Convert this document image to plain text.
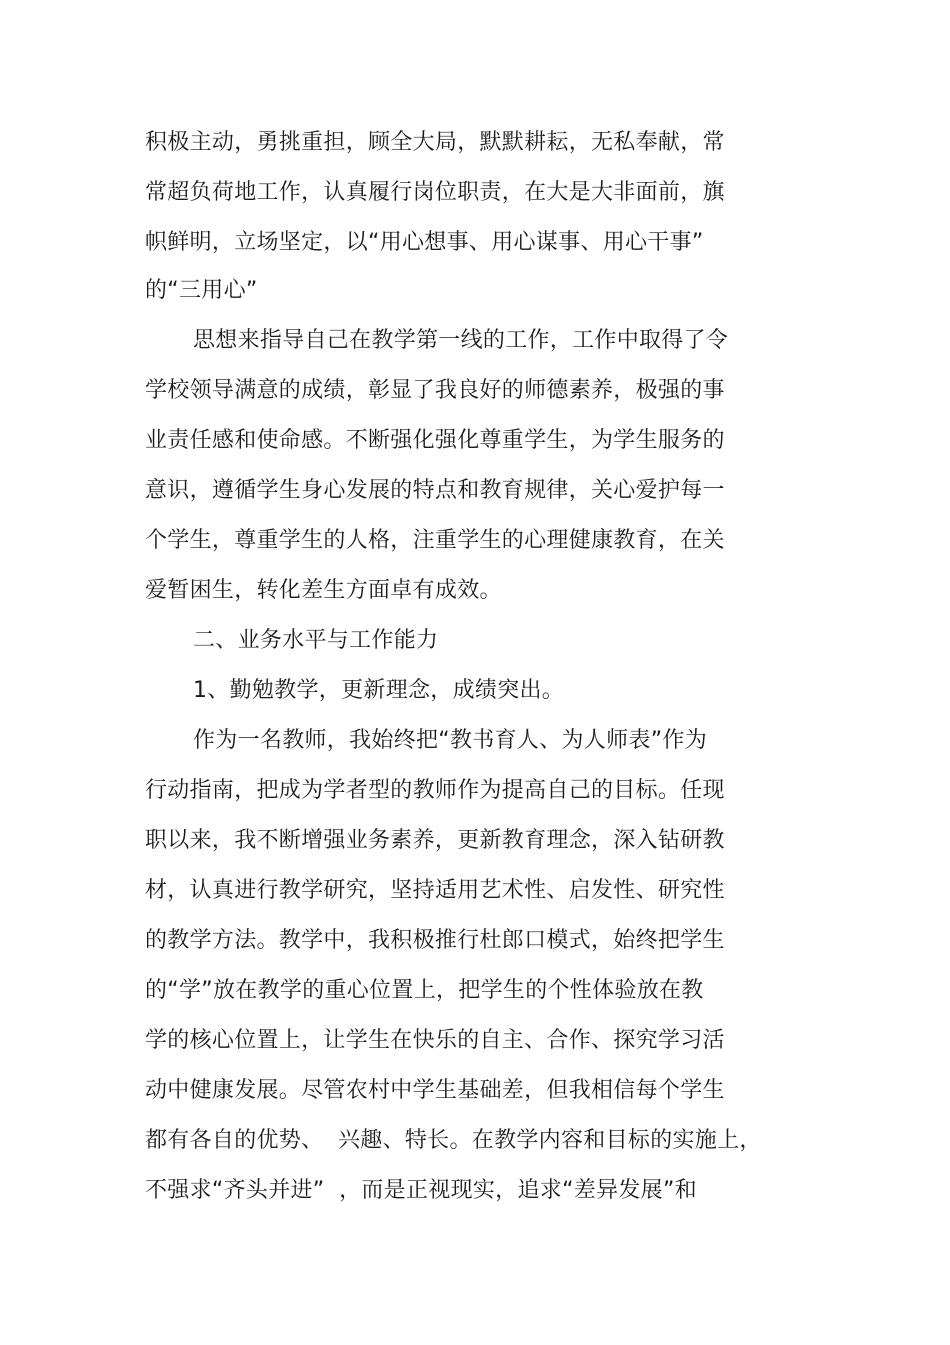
积极主动，勇挑重担，顾全大局，默默耕耘，无私奉献，常
常超负荷地工作，认真履行岗位职责，在大是大非面前，旗
帜鲜明，立场坚定，以“用心想事、用心谋事、用心干事”
的“三用心”
思想来指导自己在教学第一线的工作，工作中取得了令
学校领导满意的成绩，彰显了我良好的师德素养，极强的事
业责任感和使命感。不断强化强化尊重学生，为学生服务的
意识，遵循学生身心发展的特点和教育规律，关心爱护每一
个学生，尊重学生的人格，注重学生的心理健康教育，在关
爱暂困生，转化差生方面卓有成效。
二、业务水平与工作能力
1、勤勉教学，更新理念，成绩突出。
作为一名教师，我始终把“教书育人、为人师表”作为
行动指南，把成为学者型的教师作为提高自己的目标。任现
职以来，我不断增强业务素养，更新教育理念，深入钻研教
材，认真进行教学研究，坚持适用艺术性、启发性、研究性
的教学方法。教学中，我积极推行杜郎口模式，始终把学生
的“学”放在教学的重心位置上，把学生的个性体验放在教
学的核心位置上，让学生在快乐的自主、合作、探究学习活
动中健康发展。尽管农村中学生基础差，但我相信每个学生
都有各自的优势、  兴趣、特长。在教学内容和目标的实施上，
不强求“齐头并进”  ，而是正视现实，追求“差异发展”和
